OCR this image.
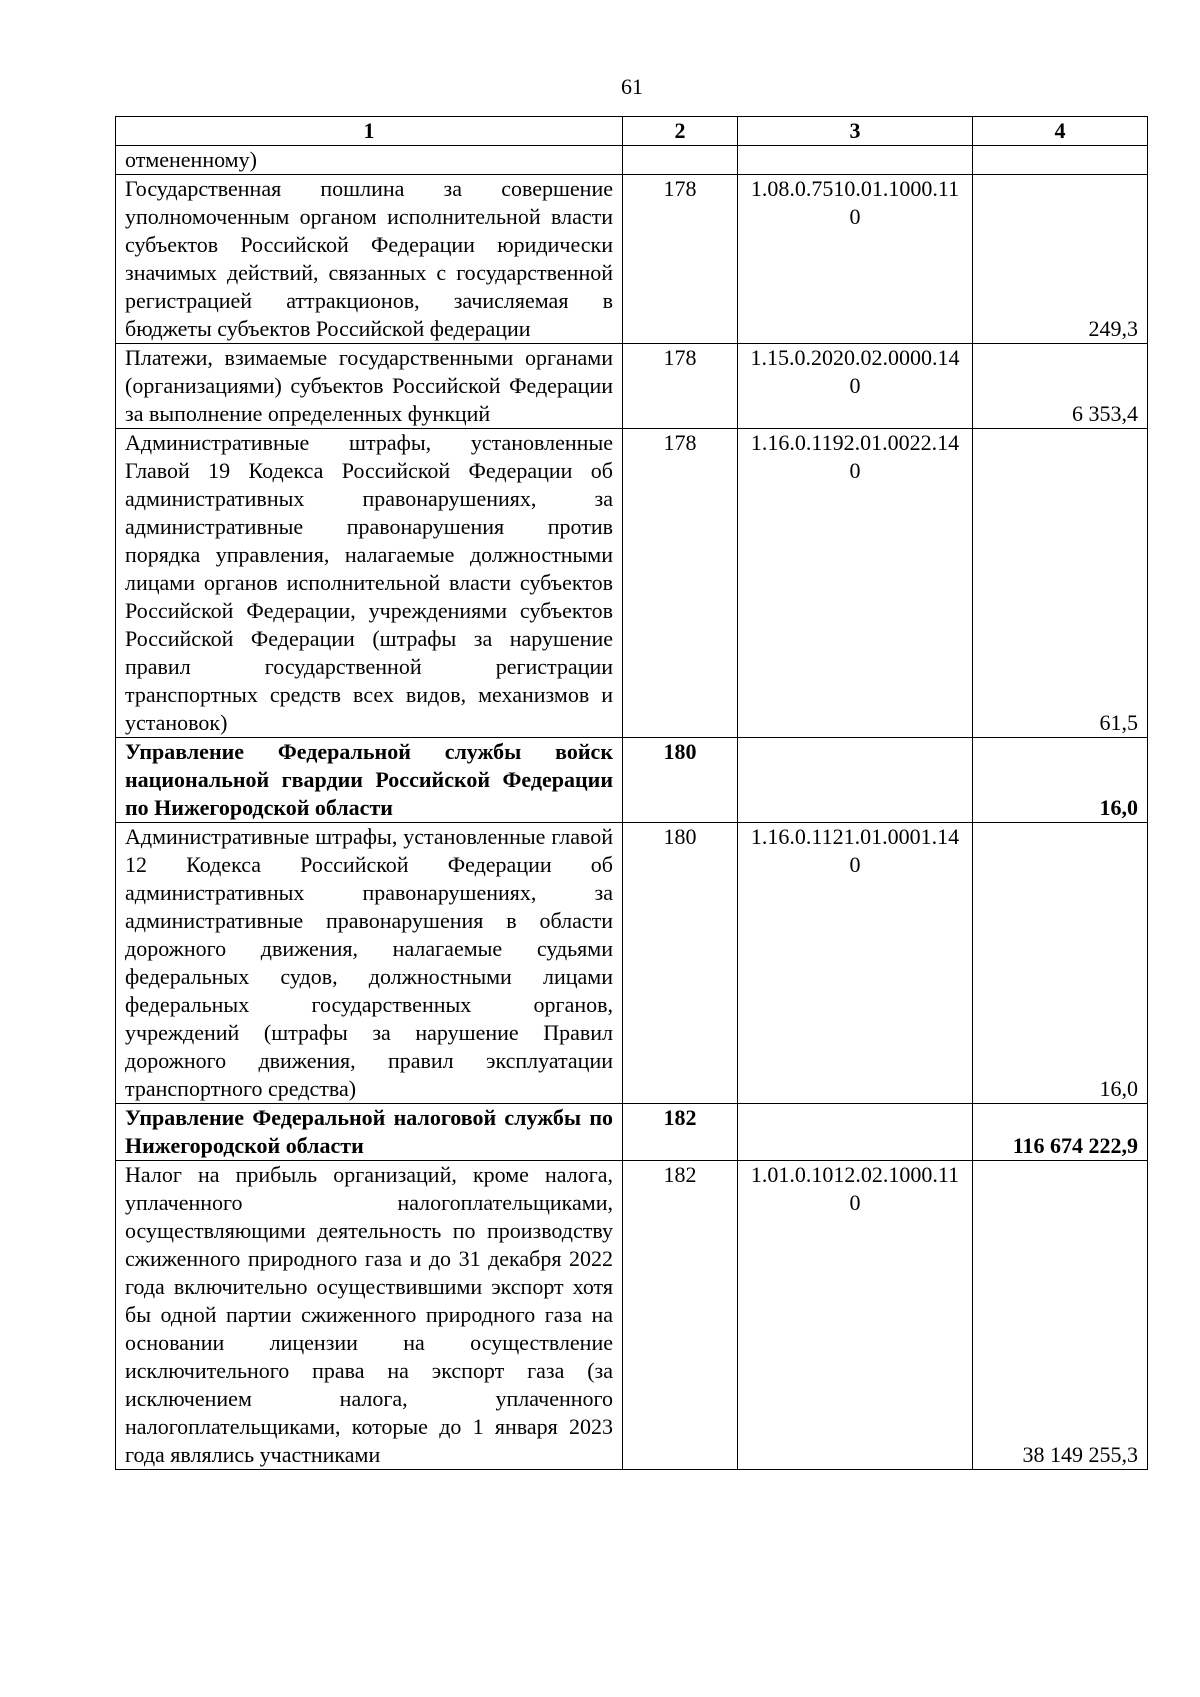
61
1	2	3	4
отмененному)			
Государственная пошлина за совершение уполномоченным органом исполнительной власти субъектов Российской Федерации юридически значимых действий, связанных с государственной регистрацией аттракционов, зачисляемая в бюджеты субъектов Российской федерации	178	1.08.0.7510.01.1000.110	249,3
Платежи, взимаемые государственными органами (организациями) субъектов Российской Федерации за выполнение определенных функций	178	1.15.0.2020.02.0000.140	6 353,4
Административные штрафы, установленные Главой 19 Кодекса Российской Федерации об административных правонарушениях, за административные правонарушения против порядка управления, налагаемые должностными лицами органов исполнительной власти субъектов Российской Федерации, учреждениями субъектов Российской Федерации (штрафы за нарушение правил государственной регистрации транспортных средств всех видов, механизмов и установок)	178	1.16.0.1192.01.0022.140	61,5
Управление Федеральной службы войск национальной гвардии Российской Федерации по Нижегородской области	180		16,0
Административные штрафы, установленные главой 12 Кодекса Российской Федерации об административных правонарушениях, за административные правонарушения в области дорожного движения, налагаемые судьями федеральных судов, должностными лицами федеральных государственных органов, учреждений (штрафы за нарушение Правил дорожного движения, правил эксплуатации транспортного средства)	180	1.16.0.1121.01.0001.140	16,0
Управление Федеральной налоговой службы по Нижегородской области	182		116 674 222,9
Налог на прибыль организаций, кроме налога, уплаченного налогоплательщиками, осуществляющими деятельность по производству сжиженного природного газа и до 31 декабря 2022 года включительно осуществившими экспорт хотя бы одной партии сжиженного природного газа на основании лицензии на осуществление исключительного права на экспорт газа (за исключением налога, уплаченного налогоплательщиками, которые до 1 января 2023 года являлись участниками	182	1.01.0.1012.02.1000.110	38 149 255,3
